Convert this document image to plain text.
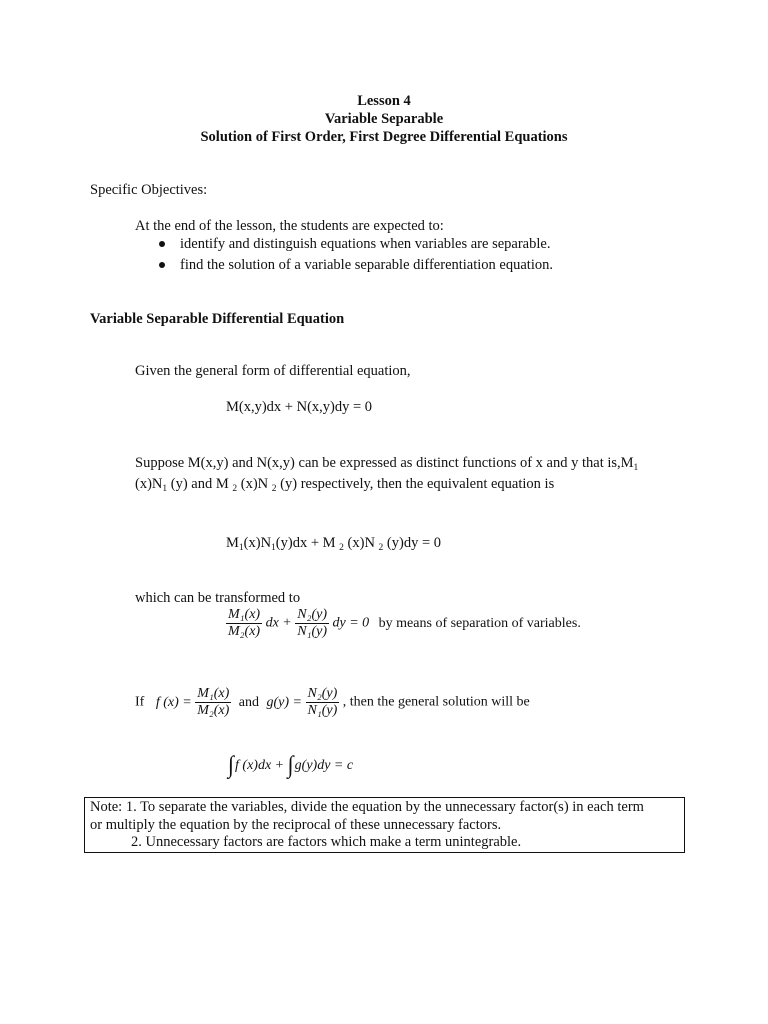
Lesson 4
Variable Separable
Solution of First Order, First Degree Differential Equations
Specific Objectives:
At the end of the lesson, the students are expected to:
identify and distinguish equations when variables are separable.
find the solution of a variable separable differentiation equation.
Variable Separable Differential Equation
Given the general form of differential equation,
M(x,y)dx + N(x,y)dy = 0
Suppose M(x,y) and N(x,y) can be expressed as distinct functions of x and y that $is,M_1$
$(x)N_1$ (y) and M $_2$ (x)N $_2$ (y) respectively, then the equivalent equation is
$M_1(x)N_1(y)dx + M$ $_2$ (x)N $_2$ (y)dy = 0
which can be transformed to
$\frac{\text{M₁(x)}}{\text{M₂(x)}}$ dx + $\frac{\text{N₂(y)}}{\text{N₁(y)}}$ dy = 0 by means of separation of variables.
If f $(x) = \frac{\text{M₁(x)}}{\text{M₂(x)}}$ and $g(y) = \frac{\text{N₂(y)}}{\text{N₁(y)}}$ , then the general solution will be
∫f (x)dx + ∫g(y)dy = c
Note: 1. To separate the variables, divide the equation by the unnecessary factor(s) in each term
or multiply the equation by the reciprocal of these unnecessary factors.
2. Unnecessary factors are factors which make a term unintegrable.
